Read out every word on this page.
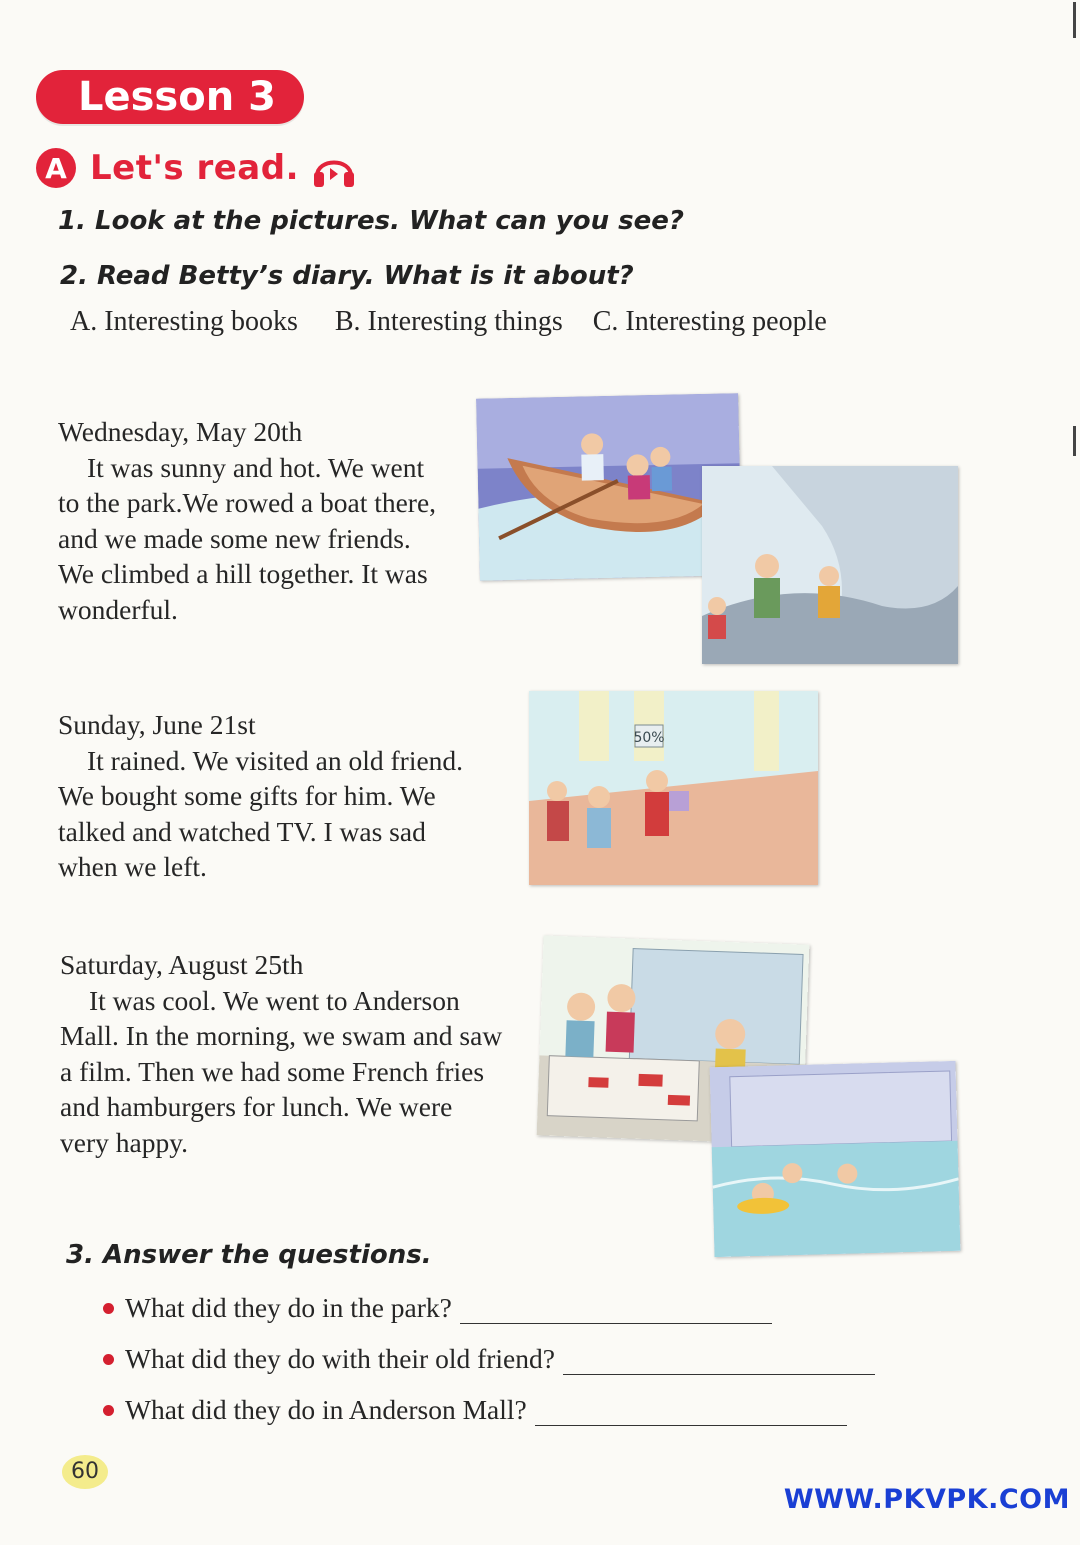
Lesson 3
A Let's read.
1. Look at the pictures. What can you see?
2. Read Betty’s diary. What is it about?
A. Interesting books B. Interesting things C. Interesting people
Wednesday, May 20th
It was sunny and hot. We went
to the park.We rowed a boat there,
and we made some new friends.
We climbed a hill together. It was
wonderful.
Sunday, June 21st
It rained. We visited an old friend.
We bought some gifts for him. We
talked and watched TV. I was sad
when we left.
50%
Saturday, August 25th
It was cool. We went to Anderson
Mall. In the morning, we swam and saw
a film. Then we had some French fries
and hamburgers for lunch. We were
very happy.
3. Answer the questions.
What did they do in the park?
What did they do with their old friend?
What did they do in Anderson Mall?
60
WWW.PKVPK.COM
